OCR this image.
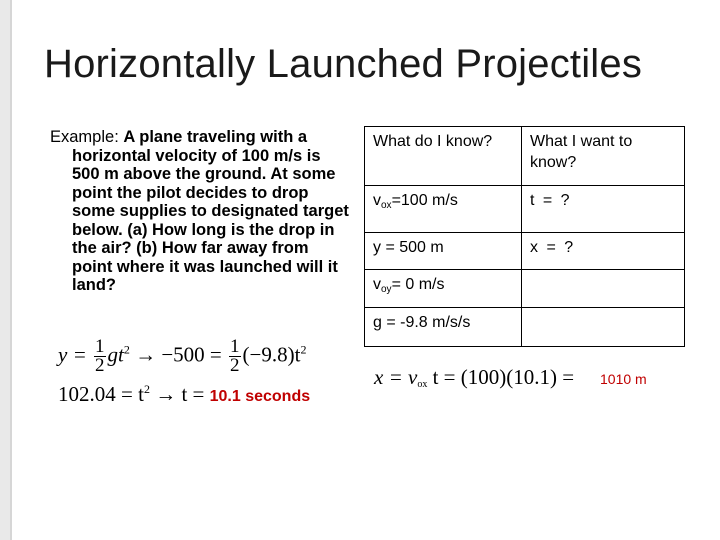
Horizontally Launched Projectiles
Example: A plane traveling with a horizontal velocity of 100 m/s is 500 m above the ground. At some point the pilot decides to drop some supplies to designated target below. (a) How long is the drop in the air? (b) How far away from point where it was launched will it land?
What do I know?	What I want to know?
$v_{ox}=100$ m/s	t = ?
y = 500 m	x = ?
$v_{oy}= 0$ m/s	
g = -9.8 m/s/s	
$y = \frac{1}{2} gt^2 \to -500 = \frac{1}{2} (-9.8)t^2$
$102.04 = t^2 \to t = 10.1$ seconds
$x = v_{ox}$ t = (100)(10.1) = 1010 m
